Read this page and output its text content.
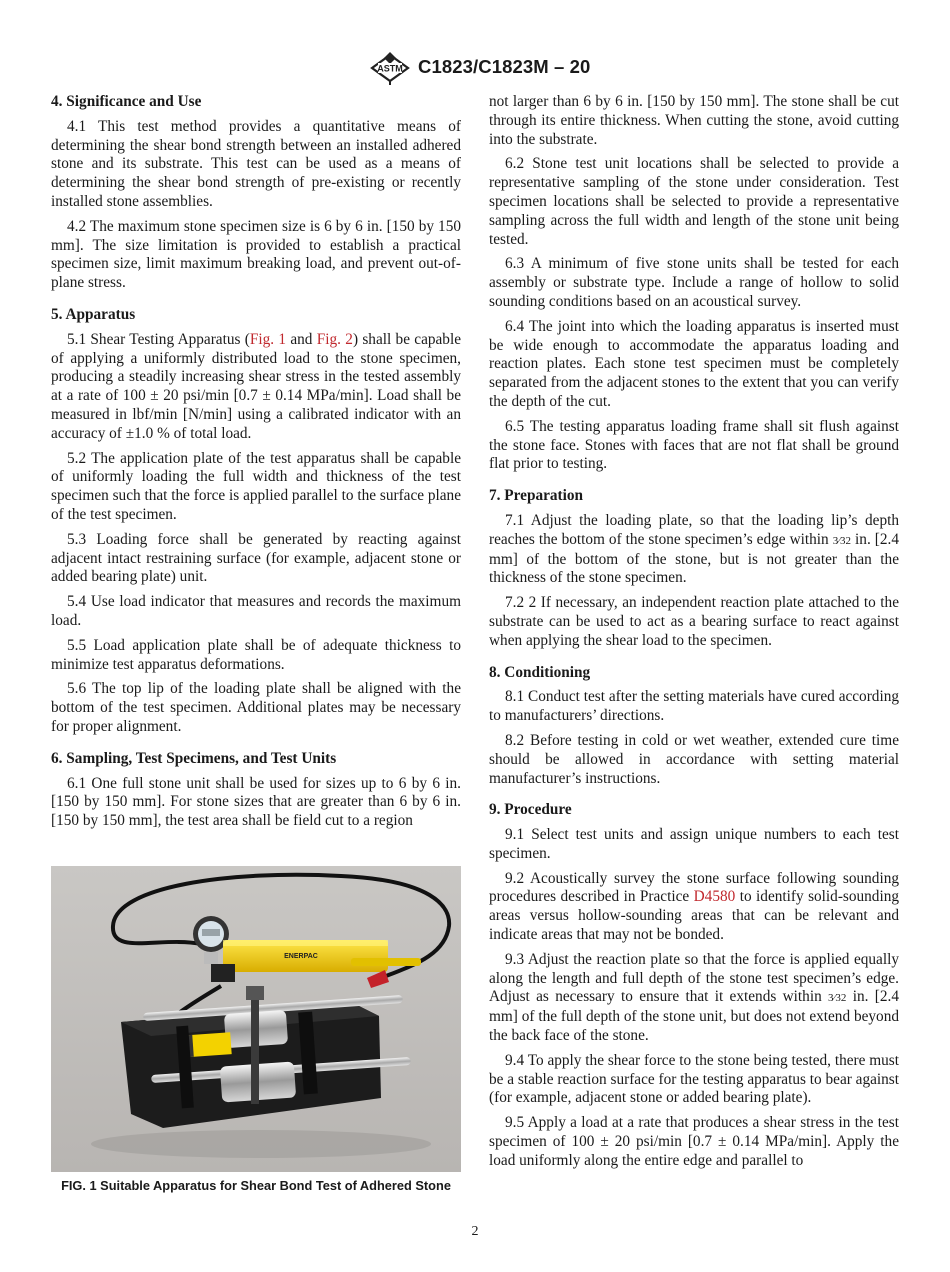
ASTM C1823/C1823M – 20
4. Significance and Use

4.1 This test method provides a quantitative means of determining the shear bond strength between an installed adhered stone and its substrate. This test can be used as a means of determining the shear bond strength of pre-existing or recently installed stone assemblies.

4.2 The maximum stone specimen size is 6 by 6 in. [150 by 150 mm]. The size limitation is provided to establish a practical specimen size, limit maximum breaking load, and prevent out-of-plane stress.

5. Apparatus

5.1 Shear Testing Apparatus (Fig. 1 and Fig. 2) shall be capable of applying a uniformly distributed load to the stone specimen, producing a steadily increasing shear stress in the tested assembly at a rate of 100 ± 20 psi/min [0.7 ± 0.14 MPa/min]. Load shall be measured in lbf/min [N/min] using a calibrated indicator with an accuracy of ±1.0 % of total load.

5.2 The application plate of the test apparatus shall be capable of uniformly loading the full width and thickness of the test specimen such that the force is applied parallel to the surface plane of the test specimen.

5.3 Loading force shall be generated by reacting against adjacent intact restraining surface (for example, adjacent stone or added bearing plate) unit.

5.4 Use load indicator that measures and records the maximum load.

5.5 Load application plate shall be of adequate thickness to minimize test apparatus deformations.

5.6 The top lip of the loading plate shall be aligned with the bottom of the test specimen. Additional plates may be necessary for proper alignment.

6. Sampling, Test Specimens, and Test Units

6.1 One full stone unit shall be used for sizes up to 6 by 6 in. [150 by 150 mm]. For stone sizes that are greater than 6 by 6 in. [150 by 150 mm], the test area shall be field cut to a region

ENERPAC
FIG. 1 Suitable Apparatus for Shear Bond Test of Adhered Stone

not larger than 6 by 6 in. [150 by 150 mm]. The stone shall be cut through its entire thickness. When cutting the stone, avoid cutting into the substrate.

6.2 Stone test unit locations shall be selected to provide a representative sampling of the stone under consideration. Test specimen locations shall be selected to provide a representative sampling across the full width and length of the stone unit being tested.

6.3 A minimum of five stone units shall be tested for each assembly or substrate type. Include a range of hollow to solid sounding conditions based on an acoustical survey.

6.4 The joint into which the loading apparatus is inserted must be wide enough to accommodate the apparatus loading and reaction plates. Each stone test specimen must be completely separated from the adjacent stones to the extent that you can verify the depth of the cut.

6.5 The testing apparatus loading frame shall sit flush against the stone face. Stones with faces that are not flat shall be ground flat prior to testing.

7. Preparation

7.1 Adjust the loading plate, so that the loading lip’s depth reaches the bottom of the stone specimen’s edge within 3⁄32 in. [2.4 mm] of the bottom of the stone, but is not greater than the thickness of the stone specimen.

7.2 2 If necessary, an independent reaction plate attached to the substrate can be used to act as a bearing surface to react against when applying the shear load to the specimen.

8. Conditioning

8.1 Conduct test after the setting materials have cured according to manufacturers’ directions.

8.2 Before testing in cold or wet weather, extended cure time should be allowed in accordance with setting material manufacturer’s instructions.

9. Procedure

9.1 Select test units and assign unique numbers to each test specimen.

9.2 Acoustically survey the stone surface following sounding procedures described in Practice D4580 to identify solid-sounding areas versus hollow-sounding areas that can be relevant and indicate areas that may not be bonded.

9.3 Adjust the reaction plate so that the force is applied equally along the length and full depth of the stone test specimen’s edge. Adjust as necessary to ensure that it extends within 3⁄32 in. [2.4 mm] of the full depth of the stone unit, but does not extend beyond the back face of the stone.

9.4 To apply the shear force to the stone being tested, there must be a stable reaction surface for the testing apparatus to bear against (for example, adjacent stone or added bearing plate).

9.5 Apply a load at a rate that produces a shear stress in the test specimen of 100 ± 20 psi/min [0.7 ± 0.14 MPa/min]. Apply the load uniformly along the entire edge and parallel to

2
